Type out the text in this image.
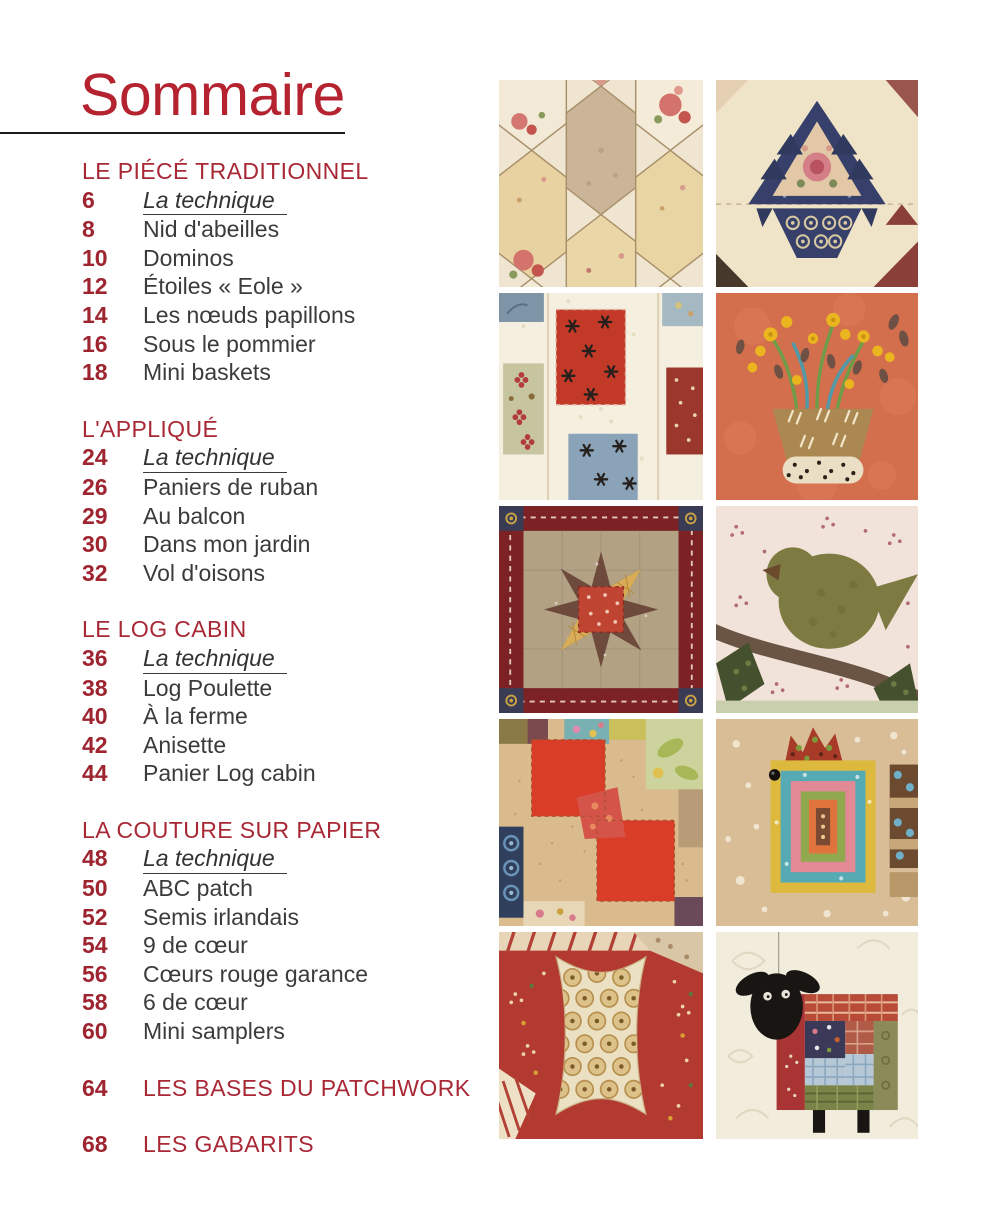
Sommaire
LE PIÉCÉ TRADITIONNEL
6	La technique
8	Nid d'abeilles
10	Dominos
12	Étoiles « Eole »
14	Les nœuds papillons
16	Sous le pommier
18	Mini baskets
L'APPLIQUÉ
24	La technique
26	Paniers de ruban
29	Au balcon
30	Dans mon jardin
32	Vol d'oisons
LE LOG CABIN
36	La technique
38	Log Poulette
40	À la ferme
42	Anisette
44	Panier Log cabin
LA COUTURE SUR PAPIER
48	La technique
50	ABC patch
52	Semis irlandais
54	9 de cœur
56	Cœurs rouge garance
58	6 de cœur
60	Mini samplers
64	LES BASES DU PATCHWORK
68	LES GABARITS
